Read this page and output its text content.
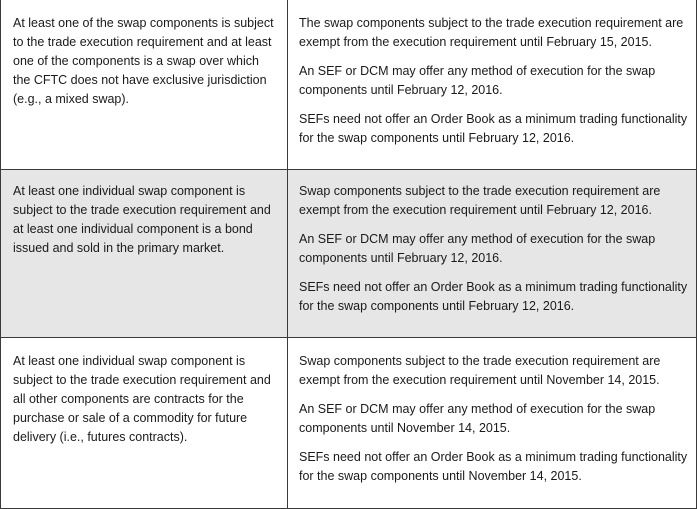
At least one of the swap components is subject to the trade execution requirement and at least one of the components is a swap over which the CFTC does not have exclusive jurisdiction (e.g., a mixed swap).

The swap components subject to the trade execution requirement are exempt from the execution requirement until February 15, 2015.

An SEF or DCM may offer any method of execution for the swap components until February 12, 2016.

SEFs need not offer an Order Book as a minimum trading functionality for the swap components until February 12, 2016.

At least one individual swap component is subject to the trade execution requirement and at least one individual component is a bond issued and sold in the primary market.

Swap components subject to the trade execution requirement are exempt from the execution requirement until February 12, 2016.

An SEF or DCM may offer any method of execution for the swap components until February 12, 2016.

SEFs need not offer an Order Book as a minimum trading functionality for the swap components until February 12, 2016.

At least one individual swap component is subject to the trade execution requirement and all other components are contracts for the purchase or sale of a commodity for future delivery (i.e., futures contracts).

Swap components subject to the trade execution requirement are exempt from the execution requirement until November 14, 2015.

An SEF or DCM may offer any method of execution for the swap components until November 14, 2015.

SEFs need not offer an Order Book as a minimum trading functionality for the swap components until November 14, 2015.
